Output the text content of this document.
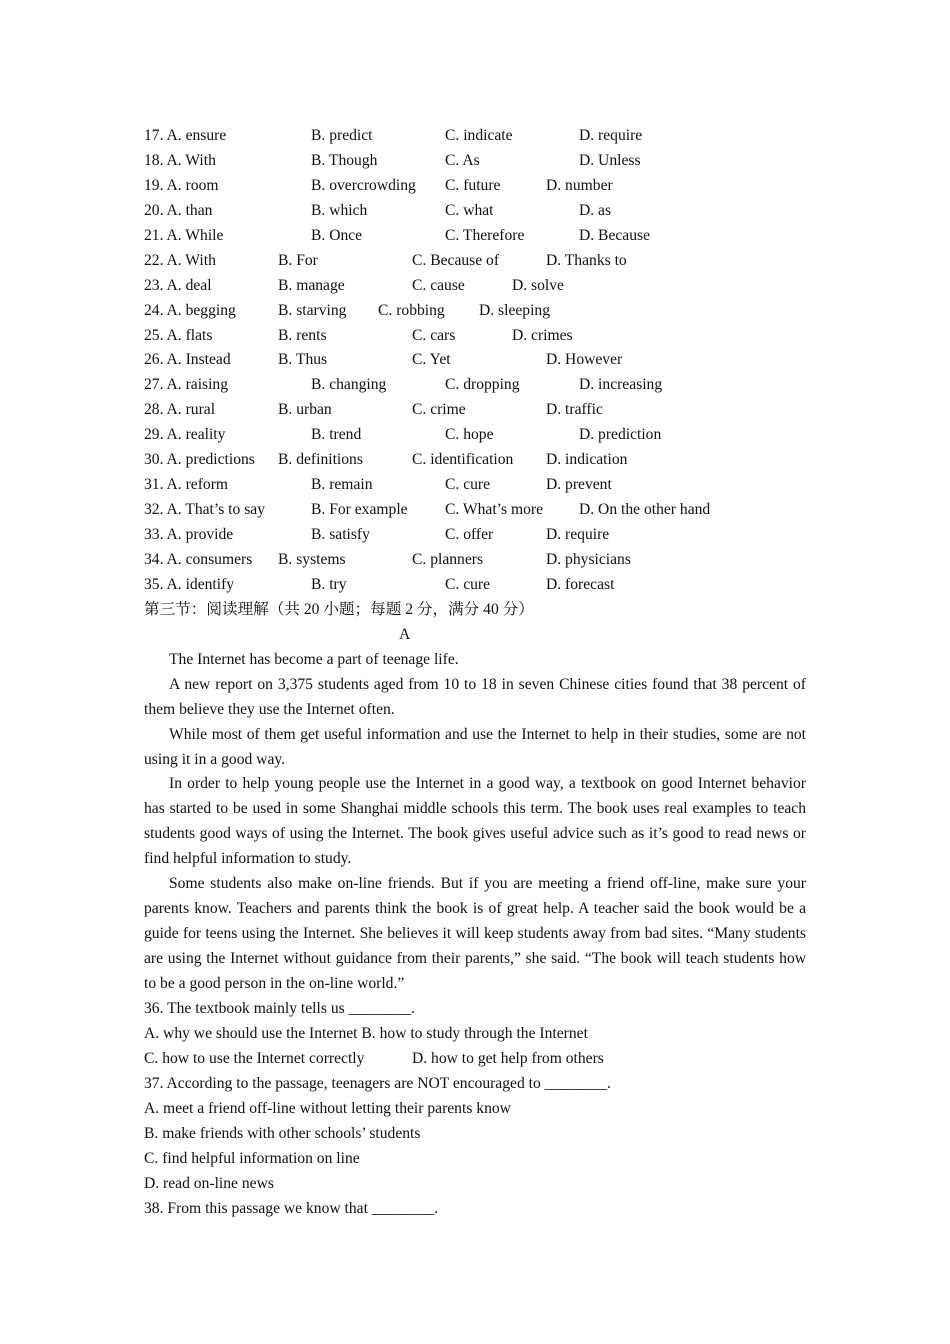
17. A. ensure	B. predict	C. indicate	D. require
18. A. With	B. Though	C. As	D. Unless
19. A. room	B. overcrowding C. future	D. number
20. A. than	B. which	C. what	D. as
21. A. While	B. Once	C. Therefore	D. Because
22. A. With	B. For	C. Because of	D. Thanks to
23. A. deal	B. manage	C. cause	D. solve
24. A. begging	B. starving C. robbing D. sleeping
25. A. flats	B. rents	C. cars	D. crimes
26. A. Instead	B. Thus	C. Yet	D. However
27. A. raising	B. changing	C. dropping	D. increasing
28. A. rural	B. urban	C. crime	D. traffic
29. A. reality	B. trend	C. hope	D. prediction
30. A. predictions B. definitions	C. identification D. indication
31. A. reform	B. remain	C. cure	D. prevent
32. A. That’s to say	B. For example C. What’s more D. On the other hand
33. A. provide	B. satisfy	C. offer	D. require
34. A. consumers B. systems	C. planners	D. physicians
35. A. identify	B. try	C. cure	D. forecast
第三节：阅读理解（共 20 小题；每题 2 分，满分 40 分）
A

The Internet has become a part of teenage life.

A new report on 3,375 students aged from 10 to 18 in seven Chinese cities found that 38 percent of them believe they use the Internet often.

While most of them get useful information and use the Internet to help in their studies, some are not using it in a good way.

In order to help young people use the Internet in a good way, a textbook on good Internet behavior has started to be used in some Shanghai middle schools this term. The book uses real examples to teach students good ways of using the Internet. The book gives useful advice such as it’s good to read news or find helpful information to study.

Some students also make on-line friends. But if you are meeting a friend off-line, make sure your parents know. Teachers and parents think the book is of great help. A teacher said the book would be a guide for teens using the Internet. She believes it will keep students away from bad sites. “Many students are using the Internet without guidance from their parents,” she said. “The book will teach students how to be a good person in the on-line world.”

36. The textbook mainly tells us ________.

A. why we should use the Internet B. how to study through the Internet

C. how to use the Internet correctly	D. how to get help from others

37. According to the passage, teenagers are NOT encouraged to ________.

A. meet a friend off-line without letting their parents know

B. make friends with other schools’ students

C. find helpful information on line

D. read on-line news

38. From this passage we know that ________.
